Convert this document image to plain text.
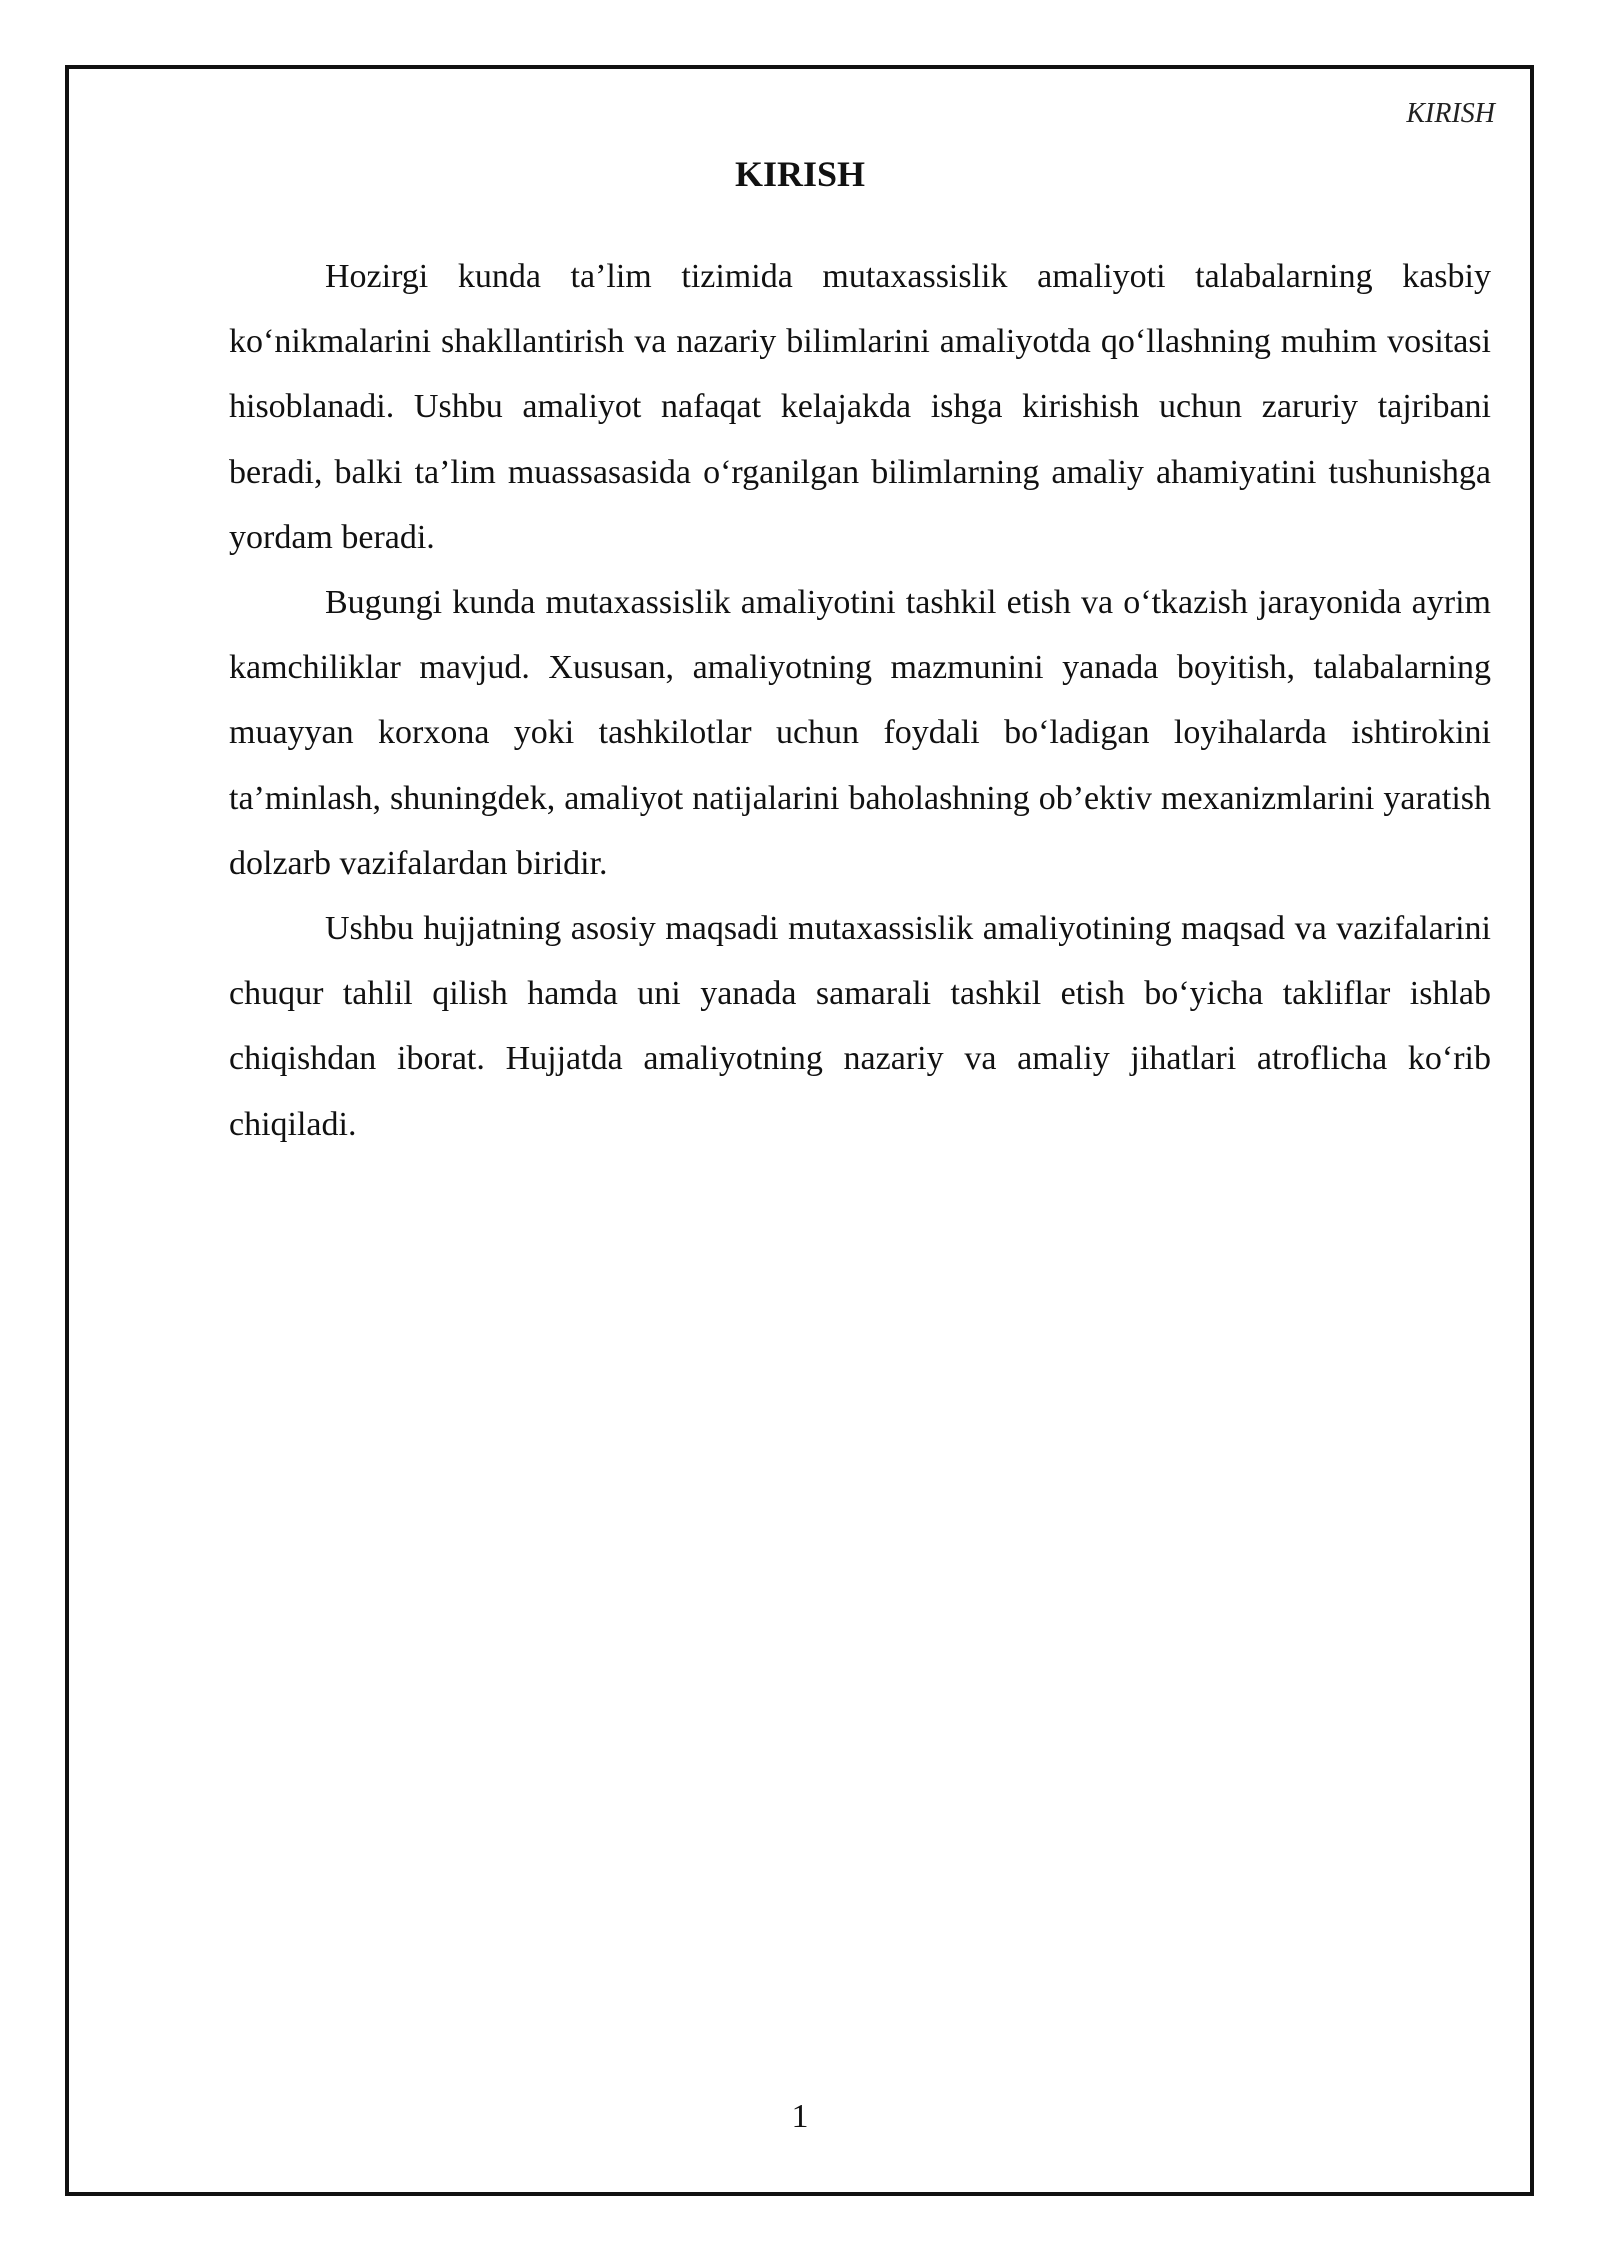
KIRISH
KIRISH

Hozirgi kunda ta’lim tizimida mutaxassislik amaliyoti talabalarning kasbiy ko‘nikmalarini shakllantirish va nazariy bilimlarini amaliyotda qo‘llashning muhim vositasi hisoblanadi. Ushbu amaliyot nafaqat kelajakda ishga kirishish uchun zaruriy tajribani beradi, balki ta’lim muassasasida o‘rganilgan bilimlarning amaliy ahamiyatini tushunishga yordam beradi.

Bugungi kunda mutaxassislik amaliyotini tashkil etish va o‘tkazish jarayonida ayrim kamchiliklar mavjud. Xususan, amaliyotning mazmunini yanada boyitish, talabalarning muayyan korxona yoki tashkilotlar uchun foydali bo‘ladigan loyihalarda ishtirokini ta’minlash, shuningdek, amaliyot natijalarini baholashning ob’ektiv mexanizmlarini yaratish dolzarb vazifalardan biridir.

Ushbu hujjatning asosiy maqsadi mutaxassislik amaliyotining maqsad va vazifalarini chuqur tahlil qilish hamda uni yanada samarali tashkil etish bo‘yicha takliflar ishlab chiqishdan iborat. Hujjatda amaliyotning nazariy va amaliy jihatlari atroflicha ko‘rib chiqiladi.

1
